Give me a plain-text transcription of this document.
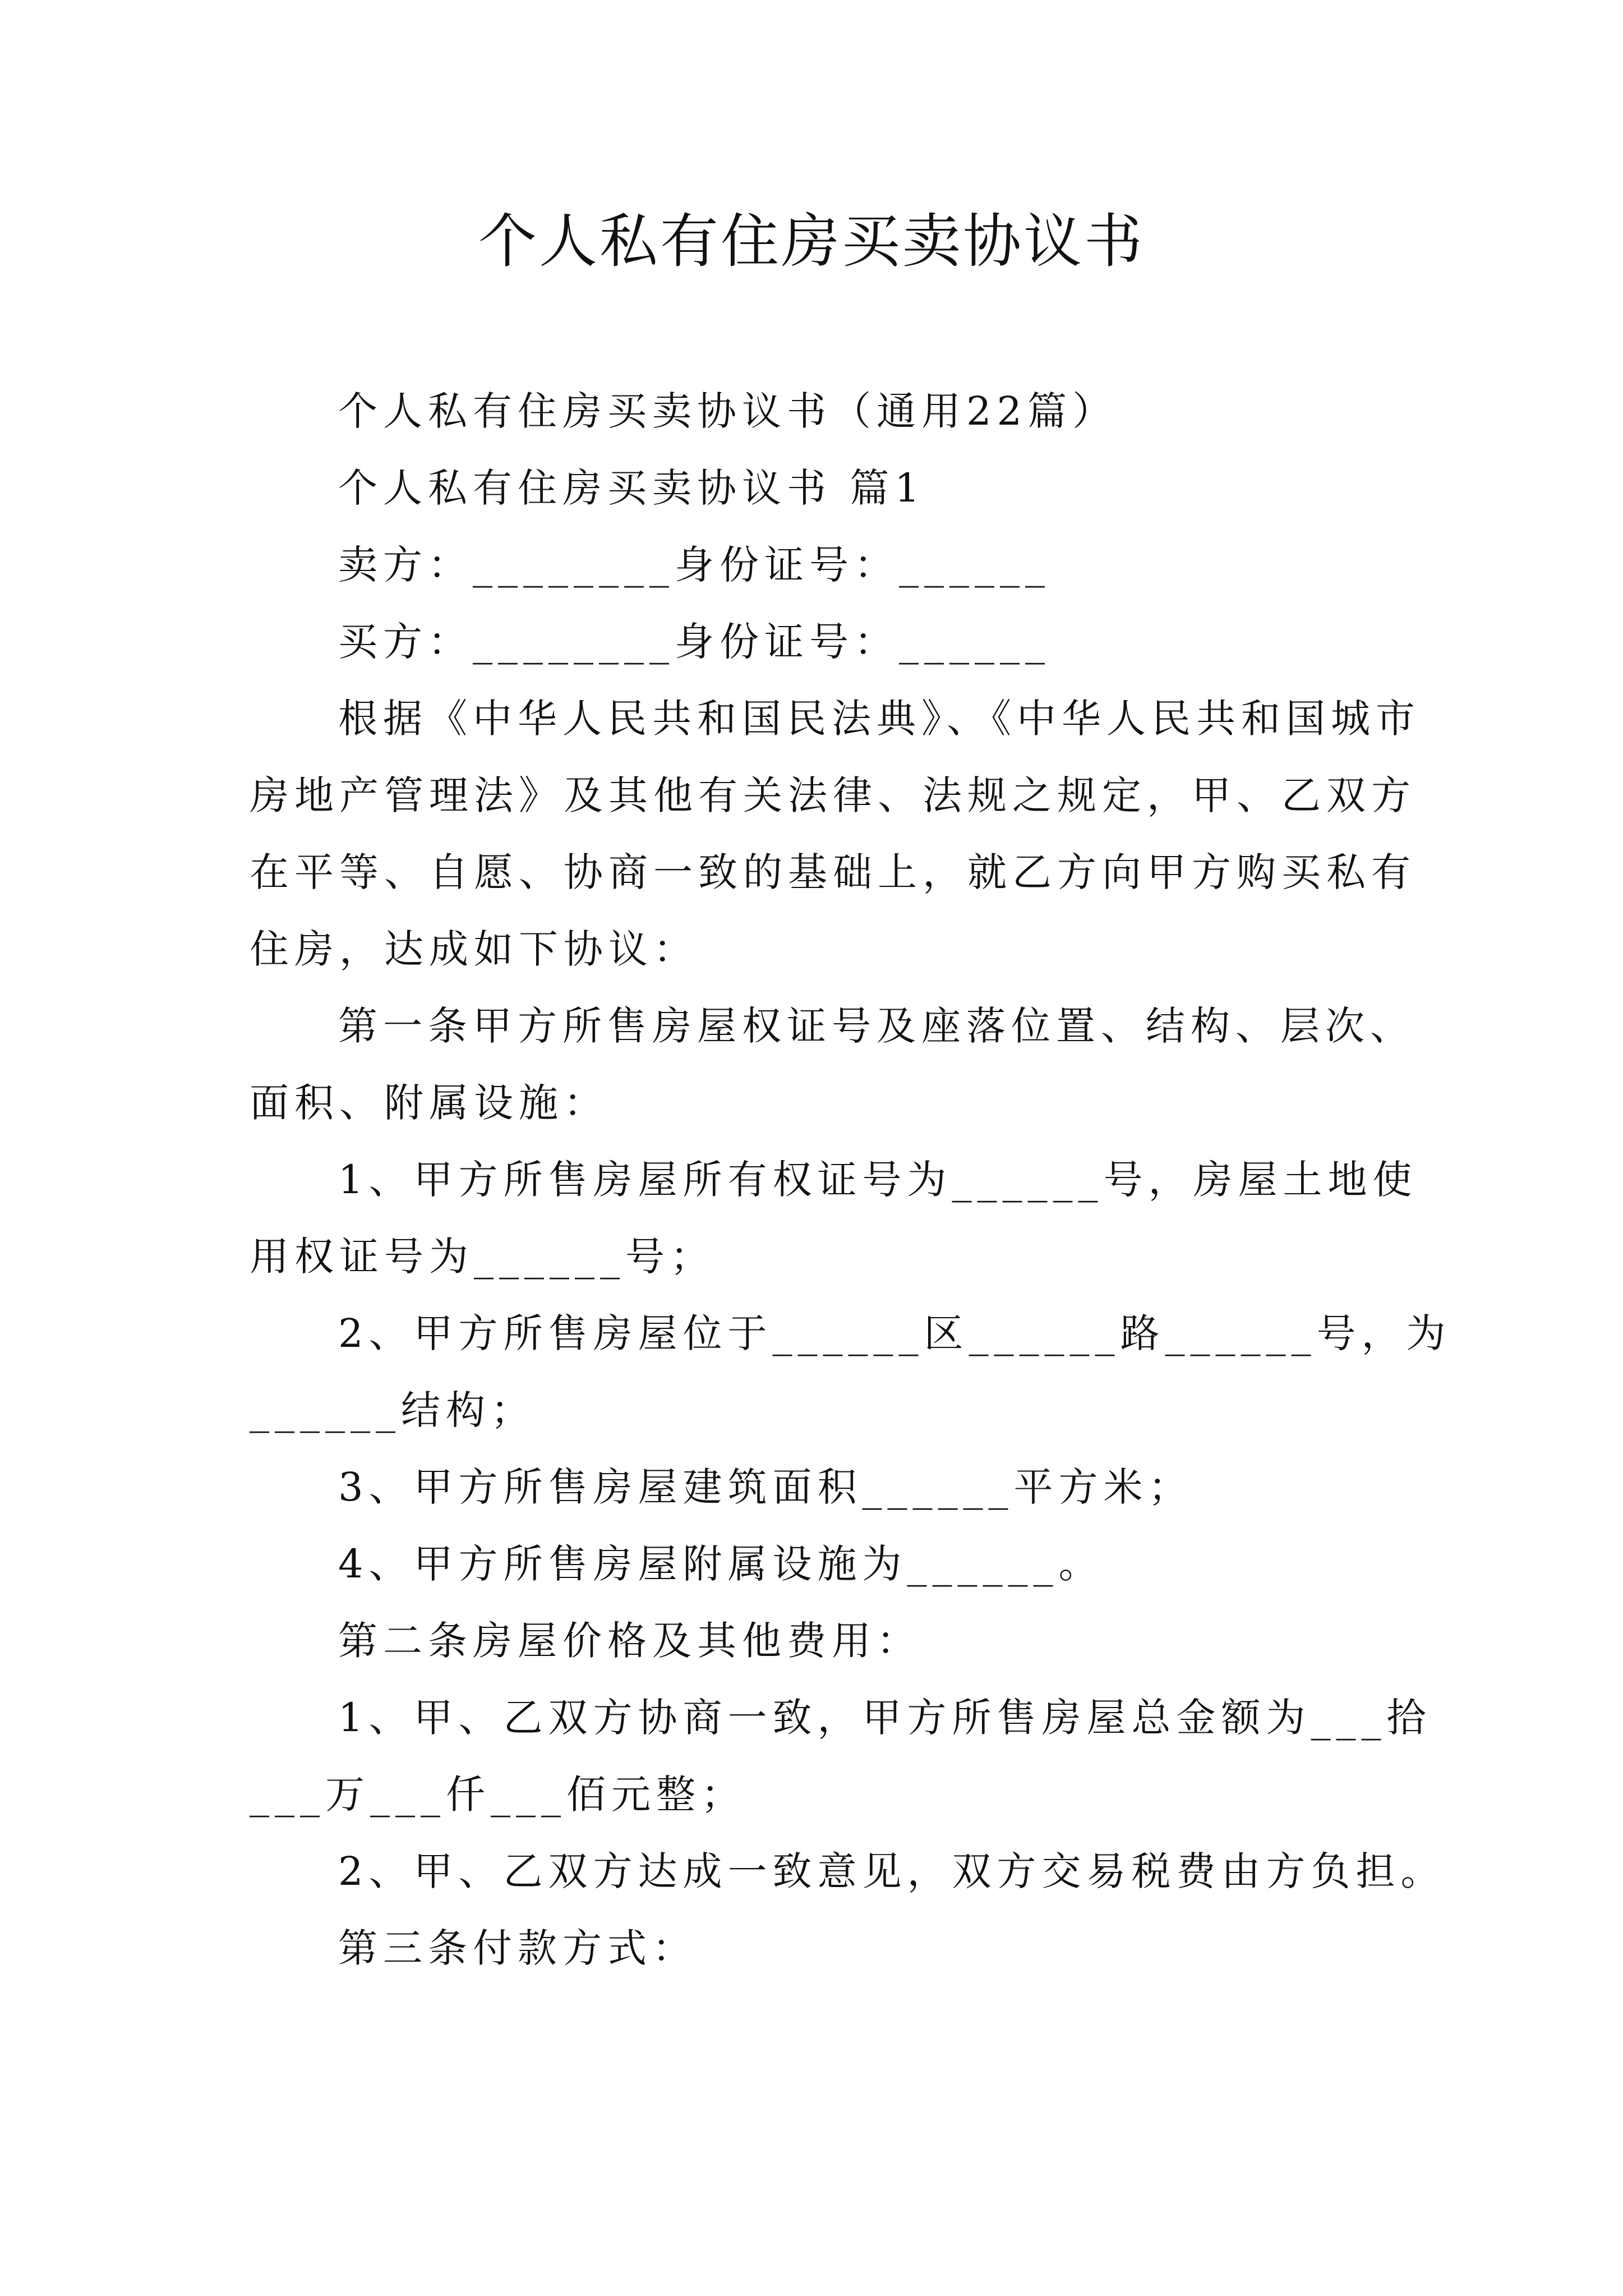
个人私有住房买卖协议书

个人私有住房买卖协议书（通用22篇）

个人私有住房买卖协议书 篇1

卖方：________身份证号：______

买方：________身份证号：______

根据《中华人民共和国民法典》、《中华人民共和国城市

房地产管理法》及其他有关法律、法规之规定，甲、乙双方

在平等、自愿、协商一致的基础上，就乙方向甲方购买私有

住房，达成如下协议：

第一条甲方所售房屋权证号及座落位置、结构、层次、

面积、附属设施：

1、甲方所售房屋所有权证号为______号，房屋土地使

用权证号为______号；

2、甲方所售房屋位于______区______路______号，为

______结构；

3、甲方所售房屋建筑面积______平方米；

4、甲方所售房屋附属设施为______。

第二条房屋价格及其他费用：

1、甲、乙双方协商一致，甲方所售房屋总金额为___拾

___万___仟___佰元整；

2、甲、乙双方达成一致意见，双方交易税费由方负担。

第三条付款方式：
